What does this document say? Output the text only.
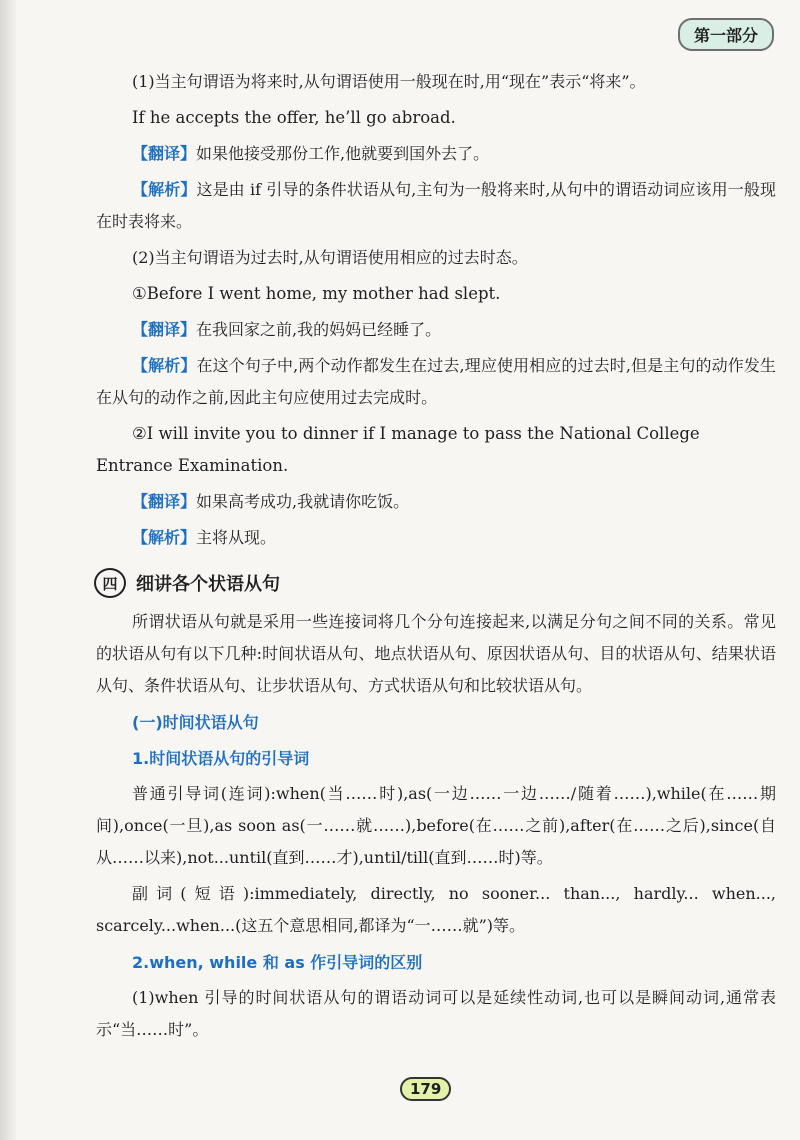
第一部分

(1)当主句谓语为将来时,从句谓语使用一般现在时,用“现在”表示“将来”。

If he accepts the offer, he’ll go abroad.

【翻译】如果他接受那份工作,他就要到国外去了。

【解析】这是由 if 引导的条件状语从句,主句为一般将来时,从句中的谓语动词应该用一般现在时表将来。

(2)当主句谓语为过去时,从句谓语使用相应的过去时态。

①Before I went home, my mother had slept.

【翻译】在我回家之前,我的妈妈已经睡了。

【解析】在这个句子中,两个动作都发生在过去,理应使用相应的过去时,但是主句的动作发生在从句的动作之前,因此主句应使用过去完成时。

②I will invite you to dinner if I manage to pass the National College Entrance Examination.

【翻译】如果高考成功,我就请你吃饭。

【解析】主将从现。

四	细讲各个状语从句

所谓状语从句就是采用一些连接词将几个分句连接起来,以满足分句之间不同的关系。常见的状语从句有以下几种:时间状语从句、地点状语从句、原因状语从句、目的状语从句、结果状语从句、条件状语从句、让步状语从句、方式状语从句和比较状语从句。

(一)时间状语从句
1.时间状语从句的引导词

普通引导词(连词):when(当……时),as(一边……一边……/随着……),while(在……期间),once(一旦),as soon as(一……就……),before(在……之前),after(在……之后),since(自从……以来),not...until(直到……才),until/till(直到……时)等。

副词(短语):immediately, directly, no sooner... than..., hardly... when..., scarcely...when...(这五个意思相同,都译为“一……就”)等。

2.when, while 和 as 作引导词的区别

(1)when 引导的时间状语从句的谓语动词可以是延续性动词,也可以是瞬间动词,通常表示“当……时”。

179
